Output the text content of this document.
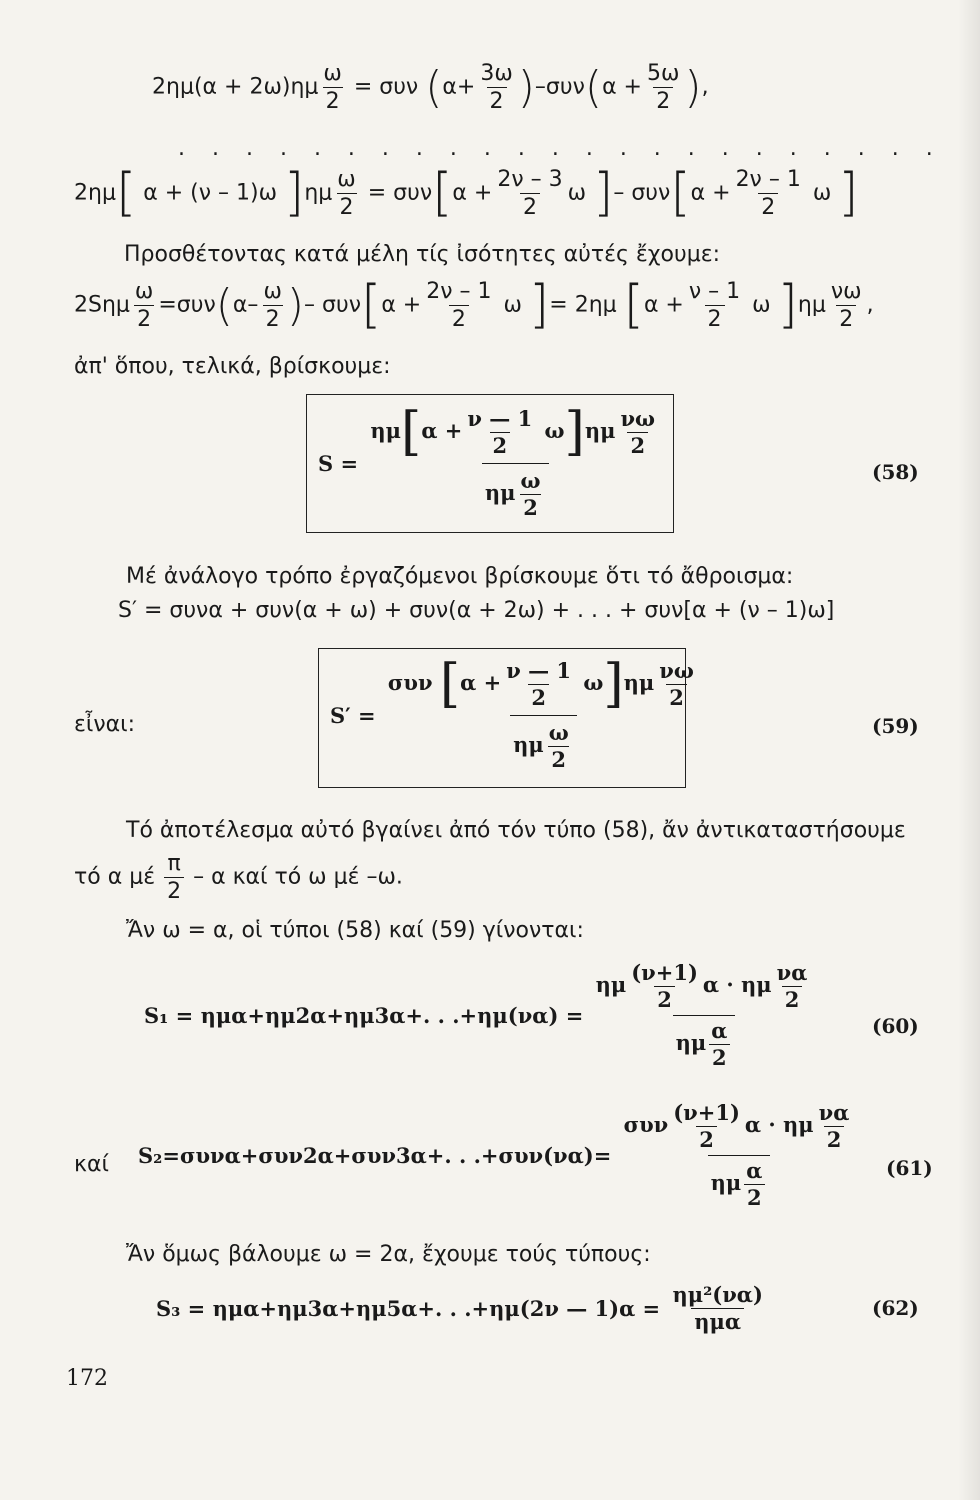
$2\eta\mu(\alpha + 2\omega)\eta\mu \frac{\omega}{2} = \sigma\upsilon\nu$ $(\alpha+ \frac{3\omega}{2} )-\sigma\upsilon\nu(\alpha + \frac{5\omega}{2}$ ),
. . . . . . . . . . . . . . . . . . . . . . .
2ημ[ α + (ν – 1)ω ]$\eta\mu \frac{\omega}{2} = \sigma\upsilon\nu[\alpha + \frac{2\nu - 3}{2}$ ω ]– $\sigma\upsilon\nu[\alpha + \frac{2\nu - 1}{2}$ ω ]
Προσθέτοντας κατά μέλη τίς ἰσότητες αὐτές ἔχουμε:
$2S\eta\mu \frac{\omega}{2} =\sigma\upsilon\nu(\alpha- \frac{\omega}{2}$ )– $\sigma\upsilon\nu[\alpha + \frac{2\nu - 1}{2}$ ω ]= 2ημ [$\alpha + \frac{\nu - 1}{2}$ ω ]$\eta\mu \frac{\nu\omega}{2}$ ,
ἀπ' ὅπου, τελικά, βρίσκουμε:
$S = \frac{\eta\mu[\alpha + \frac{\nu — 1}{2} \omega]\eta\mu \frac{\nu\omega}{2}}{\eta\mu \frac{\omega}{2}}$	(58)
Μέ ἀνάλογο τρόπο ἐργαζόμενοι βρίσκουμε ὅτι τό ἄθροισμα:
S′ = συνα + συν(α + ω) + συν(α + 2ω) + . . . + συν[α + (ν – 1)ω]
εἶναι:	$S' = \frac{\sigma\upsilon\nu [\alpha + \frac{\nu — 1}{2} \omega]\eta\mu \frac{\nu\omega}{2}}{\eta\mu \frac{\omega}{2}}$	(59)
Τό ἀποτέλεσμα αὐτό βγαίνει ἀπό τόν τύπο (58), ἄν ἀντικαταστήσουμε
τό α μέ $\frac{\pi}{2}$ – α καί τό ω μέ –ω.
Ἄν ω = α, οἱ τύποι (58) καί (59) γίνονται:
S₁ = ημα+ημ2α+ημ3α+. . $.+\eta\mu(\nu\alpha) = \frac{\eta\mu \frac{(\nu+1)}{2} \alpha \cdot \eta\mu \frac{\nu\alpha}{2}}{\eta\mu \frac{\alpha}{2}}$	(60)
καί S₂=συνα+συν2α+συν3α+. . $.+\sigma\upsilon\nu(\nu\alpha)= \frac{\sigma\upsilon\nu \frac{(\nu+1)}{2} \alpha \cdot \eta\mu \frac{\nu\alpha}{2}}{\eta\mu \frac{\alpha}{2}} (61)$
Ἄν ὅμως βάλουμε ω = 2α, ἔχουμε τούς τύπους:
S₃ = ημα+ημ3α+ημ5α+. . .+ημ(2ν — $1)\alpha = \frac{\text{ημ²(να)}}{\text{ημα}}$	(62)
172
